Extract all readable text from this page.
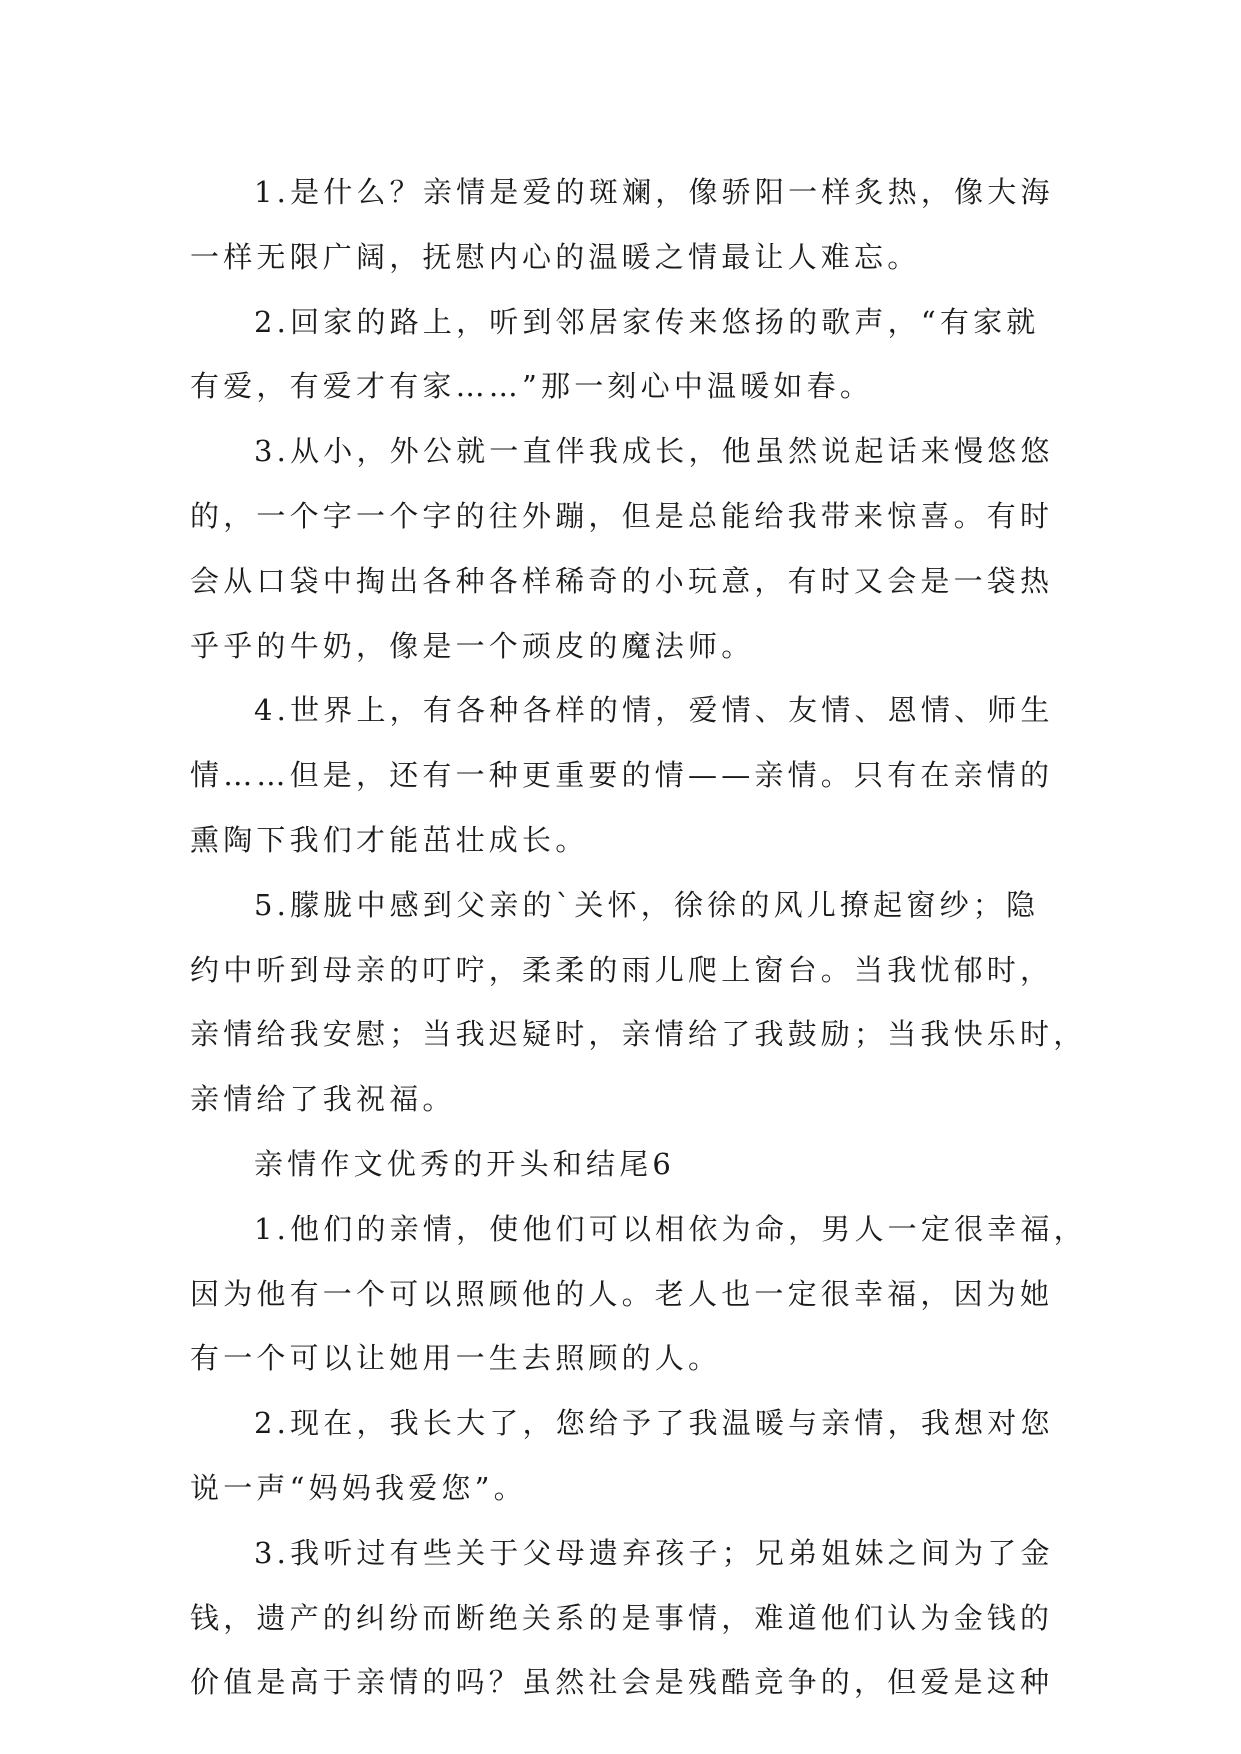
1.是什么？亲情是爱的斑斓，像骄阳一样炙热，像大海
一样无限广阔，抚慰内心的温暖之情最让人难忘。
2.回家的路上，听到邻居家传来悠扬的歌声，“有家就
有爱，有爱才有家……”那一刻心中温暖如春。
3.从小，外公就一直伴我成长，他虽然说起话来慢悠悠
的，一个字一个字的往外蹦，但是总能给我带来惊喜。有时
会从口袋中掏出各种各样稀奇的小玩意，有时又会是一袋热
乎乎的牛奶，像是一个顽皮的魔法师。
4.世界上，有各种各样的情，爱情、友情、恩情、师生
情……但是，还有一种更重要的情——亲情。只有在亲情的
熏陶下我们才能茁壮成长。
5.朦胧中感到父亲的`关怀，徐徐的风儿撩起窗纱；隐
约中听到母亲的叮咛，柔柔的雨儿爬上窗台。当我忧郁时，
亲情给我安慰；当我迟疑时，亲情给了我鼓励；当我快乐时，
亲情给了我祝福。
亲情作文优秀的开头和结尾6
1.他们的亲情，使他们可以相依为命，男人一定很幸福，
因为他有一个可以照顾他的人。老人也一定很幸福，因为她
有一个可以让她用一生去照顾的人。
2.现在，我长大了，您给予了我温暖与亲情，我想对您
说一声“妈妈我爱您”。
3.我听过有些关于父母遗弃孩子；兄弟姐妹之间为了金
钱，遗产的纠纷而断绝关系的是事情，难道他们认为金钱的
价值是高于亲情的吗？虽然社会是残酷竞争的，但爱是这种
